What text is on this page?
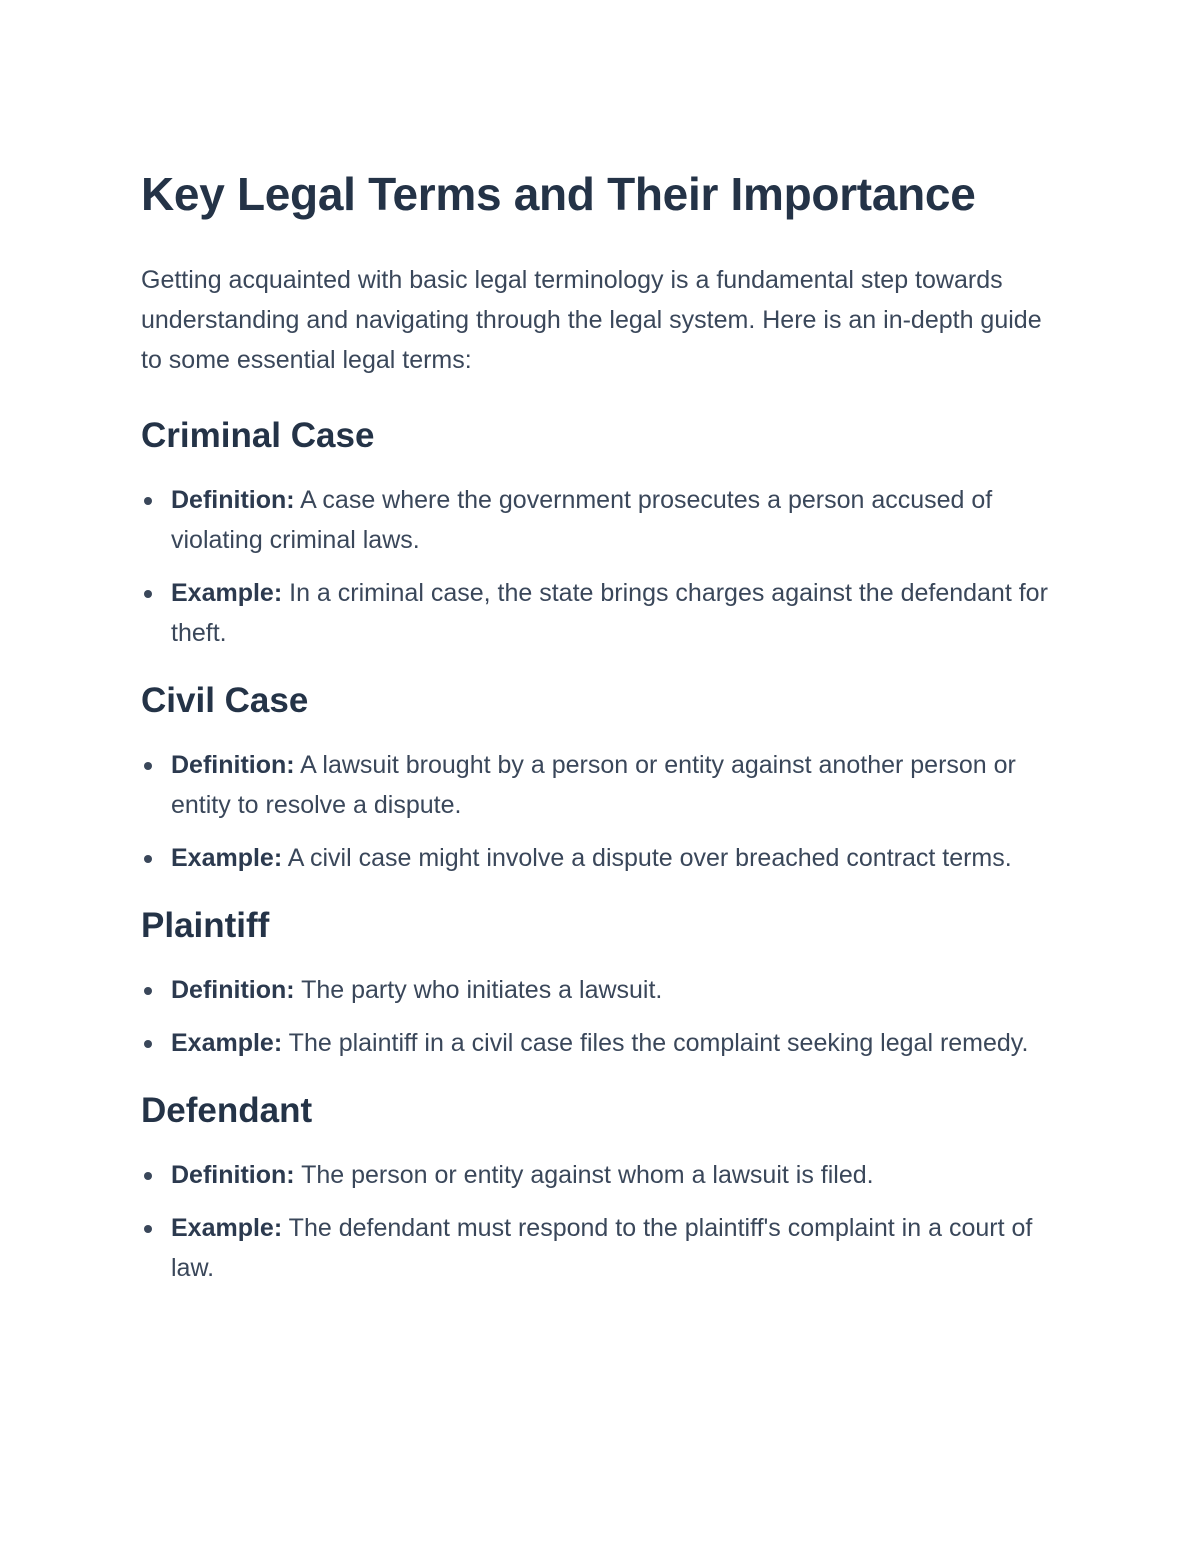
Key Legal Terms and Their Importance

Getting acquainted with basic legal terminology is a fundamental step towards understanding and navigating through the legal system. Here is an in-depth guide to some essential legal terms:

Criminal Case
Definition: A case where the government prosecutes a person accused of violating criminal laws.
Example: In a criminal case, the state brings charges against the defendant for theft.
Civil Case
Definition: A lawsuit brought by a person or entity against another person or entity to resolve a dispute.
Example: A civil case might involve a dispute over breached contract terms.
Plaintiff
Definition: The party who initiates a lawsuit.
Example: The plaintiff in a civil case files the complaint seeking legal remedy.
Defendant
Definition: The person or entity against whom a lawsuit is filed.
Example: The defendant must respond to the plaintiff's complaint in a court of law.
